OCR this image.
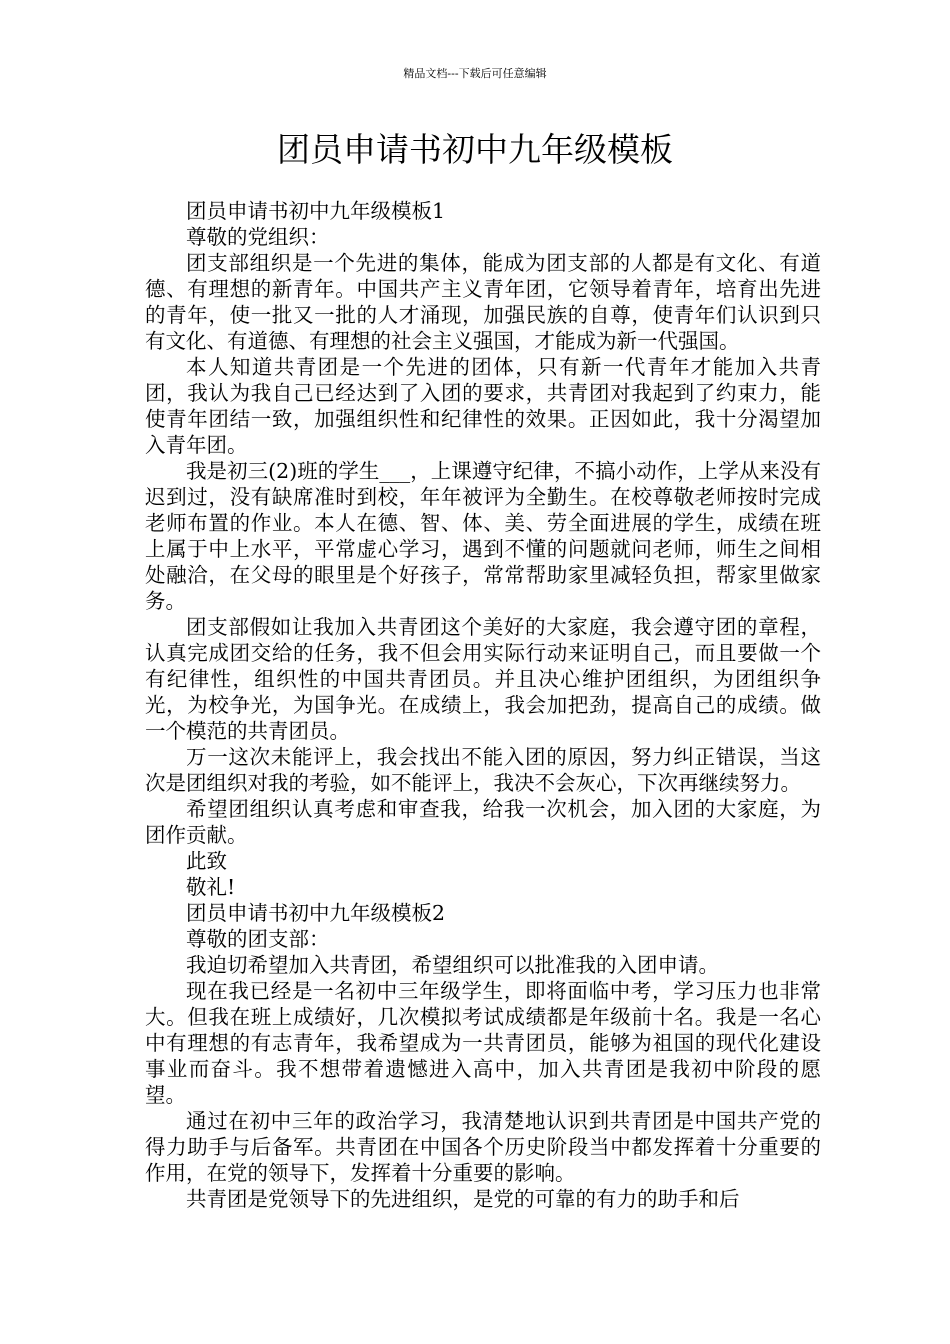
精品文档---下载后可任意编辑
团员申请书初中九年级模板

团员申请书初中九年级模板1

尊敬的党组织：

团支部组织是一个先进的集体，能成为团支部的人都是有文化、有道德、有理想的新青年。中国共产主义青年团，它领导着青年，培育出先进的青年，使一批又一批的人才涌现，加强民族的自尊，使青年们认识到只有文化、有道德、有理想的社会主义强国，才能成为新一代强国。

本人知道共青团是一个先进的团体，只有新一代青年才能加入共青团，我认为我自己已经达到了入团的要求，共青团对我起到了约束力，能使青年团结一致，加强组织性和纪律性的效果。正因如此，我十分渴望加入青年团。

我是初三(2)班的学生___，上课遵守纪律，不搞小动作，上学从来没有迟到过，没有缺席准时到校，年年被评为全勤生。在校尊敬老师按时完成老师布置的作业。本人在德、智、体、美、劳全面进展的学生，成绩在班上属于中上水平，平常虚心学习，遇到不懂的问题就问老师，师生之间相处融洽，在父母的眼里是个好孩子，常常帮助家里减轻负担，帮家里做家务。

团支部假如让我加入共青团这个美好的大家庭，我会遵守团的章程，认真完成团交给的任务，我不但会用实际行动来证明自己，而且要做一个有纪律性，组织性的中国共青团员。并且决心维护团组织，为团组织争光，为校争光，为国争光。在成绩上，我会加把劲，提高自己的成绩。做一个模范的共青团员。

万一这次未能评上，我会找出不能入团的原因，努力纠正错误，当这次是团组织对我的考验，如不能评上，我决不会灰心，下次再继续努力。

希望团组织认真考虑和审查我，给我一次机会，加入团的大家庭，为团作贡献。

此致

敬礼!

团员申请书初中九年级模板2

尊敬的团支部：

我迫切希望加入共青团，希望组织可以批准我的入团申请。

现在我已经是一名初中三年级学生，即将面临中考，学习压力也非常大。但我在班上成绩好，几次模拟考试成绩都是年级前十名。我是一名心中有理想的有志青年，我希望成为一共青团员，能够为祖国的现代化建设事业而奋斗。我不想带着遗憾进入高中，加入共青团是我初中阶段的愿望。

通过在初中三年的政治学习，我清楚地认识到共青团是中国共产党的得力助手与后备军。共青团在中国各个历史阶段当中都发挥着十分重要的作用，在党的领导下，发挥着十分重要的影响。

共青团是党领导下的先进组织，是党的可靠的有力的助手和后
